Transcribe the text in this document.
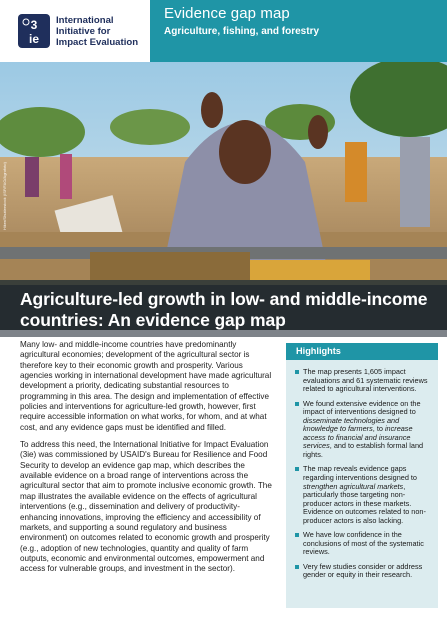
3
ie
International
Initiative for
Impact Evaluation
Evidence gap map
Agriculture, fishing, and forestry
Hiker/Shutterstock (ISF/FAO/Agrofoto)
Agriculture-led growth in low- and middle-income countries: An evidence gap map

Many low- and middle-income countries have predominantly agricultural economies; development of the agricultural sector is therefore key to their economic growth and prosperity. Various agencies working in international development have made agricultural development a priority, dedicating substantial resources to programming in this area. The design and implementation of effective policies and interventions for agriculture-led growth, however, first require accessible information on what works, for whom, and at what cost, and any evidence gaps must be identified and filled.

To address this need, the International Initiative for Impact Evaluation (3ie) was commissioned by USAID's Bureau for Resilience and Food Security to develop an evidence gap map, which describes the available evidence on a broad range of interventions across the agricultural sector that aim to promote inclusive economic growth. The map illustrates the available evidence on the effects of agricultural interventions (e.g., dissemination and delivery of productivity-enhancing innovations, improving the efficiency and accessibility of markets, and supporting a sound regulatory and business environment) on outcomes related to economic growth and prosperity (e.g., adoption of new technologies, quantity and quality of farm outputs, economic and environmental outcomes, empowerment and access for vulnerable groups, and investment in the sector).

Highlights
The map presents 1,605 impact evaluations and 61 systematic reviews related to agricultural interventions.
We found extensive evidence on the impact of interventions designed to disseminate technologies and knowledge to farmers, to increase access to financial and insurance services, and to establish formal land rights.
The map reveals evidence gaps regarding interventions designed to strengthen agricultural markets, particularly those targeting non-producer actors in these markets. Evidence on outcomes related to non-producer actors is also lacking.
We have low confidence in the conclusions of most of the systematic reviews.
Very few studies consider or address gender or equity in their research.
